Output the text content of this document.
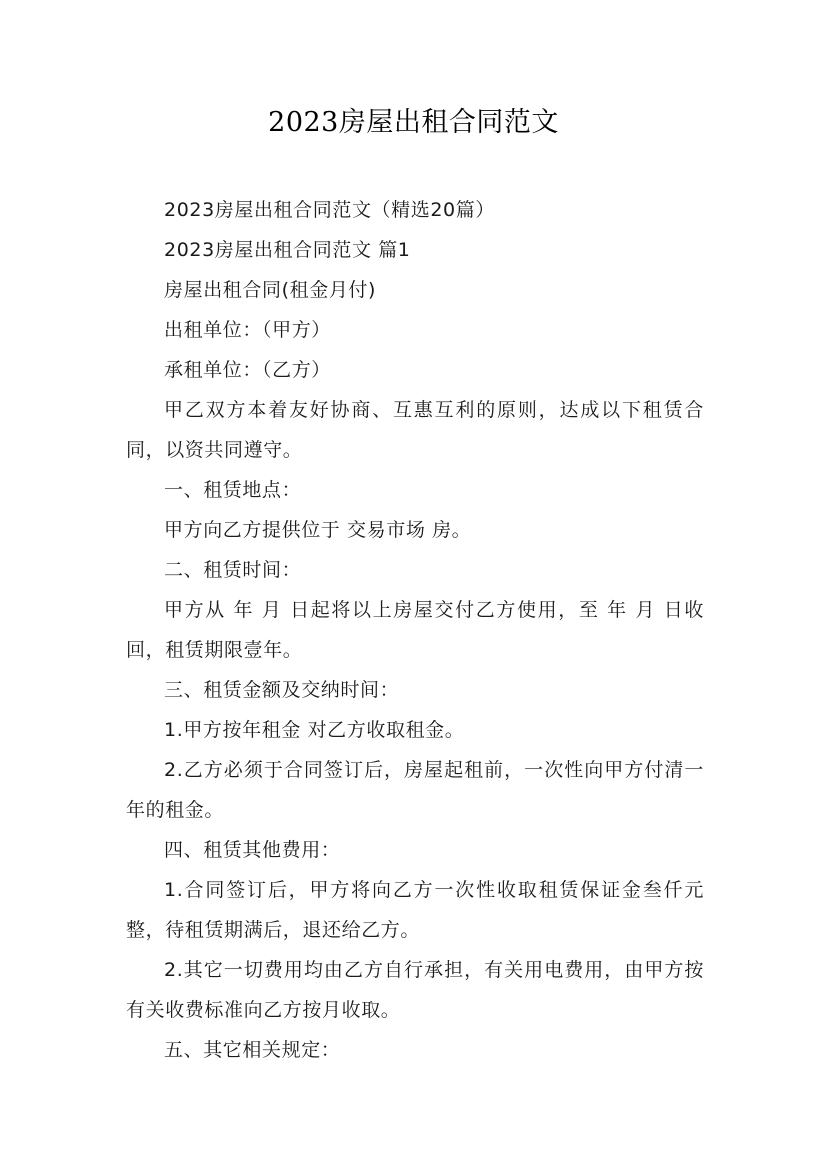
2023房屋出租合同范文

2023房屋出租合同范文（精选20篇）

2023房屋出租合同范文 篇1

房屋出租合同(租金月付)

出租单位：（甲方）

承租单位：（乙方）

甲乙双方本着友好协商、互惠互利的原则，达成以下租赁合同，以资共同遵守。

一、租赁地点：

甲方向乙方提供位于 交易市场 房。

二、租赁时间：

甲方从 年 月 日起将以上房屋交付乙方使用，至 年 月 日收回，租赁期限壹年。

三、租赁金额及交纳时间：

1.甲方按年租金 对乙方收取租金。

2.乙方必须于合同签订后，房屋起租前，一次性向甲方付清一年的租金。

四、租赁其他费用：

1.合同签订后，甲方将向乙方一次性收取租赁保证金叁仟元整，待租赁期满后，退还给乙方。

2.其它一切费用均由乙方自行承担，有关用电费用，由甲方按有关收费标准向乙方按月收取。

五、其它相关规定：
